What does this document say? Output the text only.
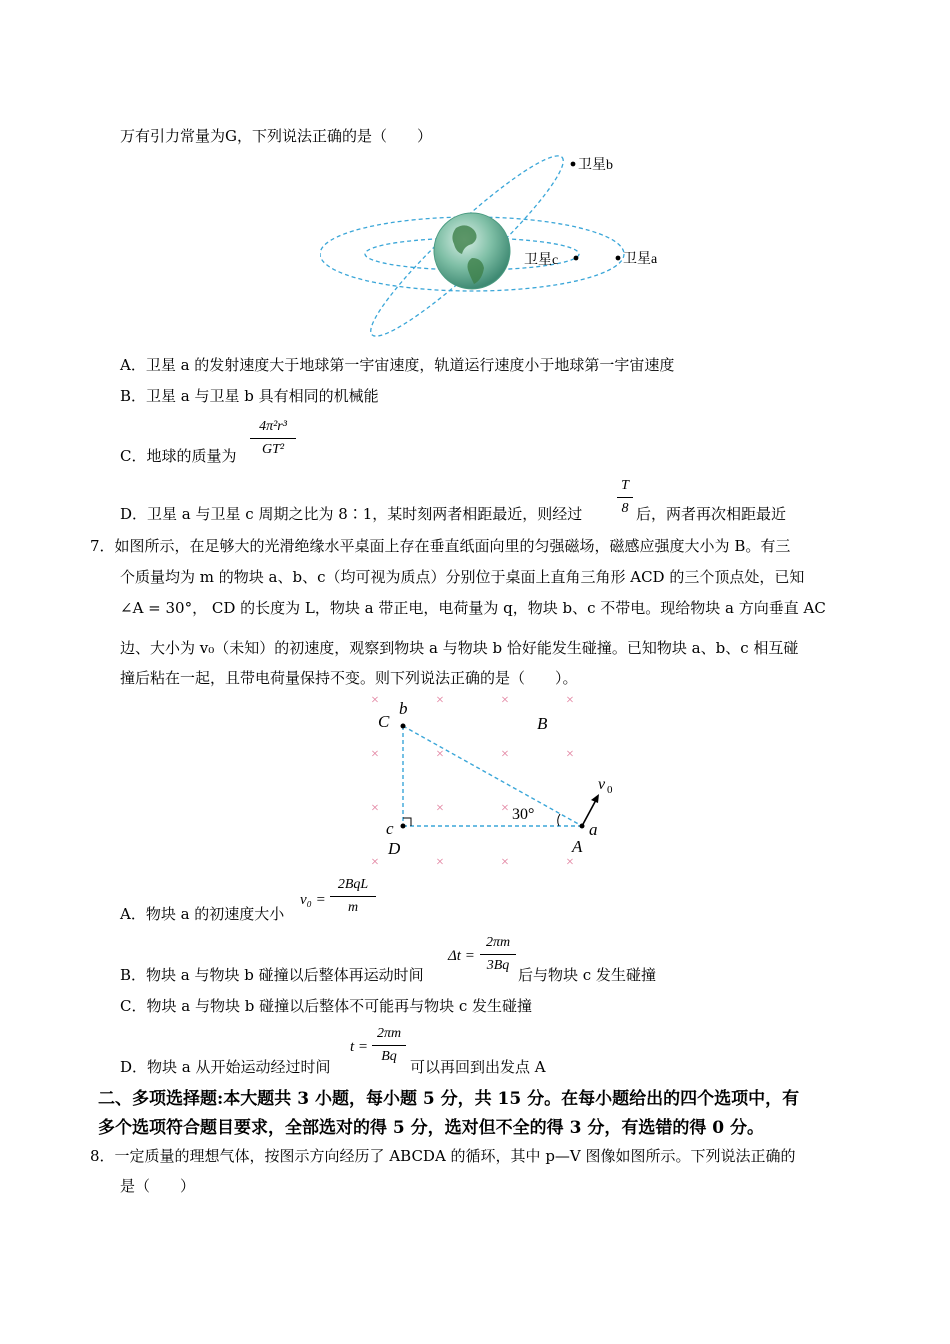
万有引力常量为G，下列说法正确的是（　　）
卫星b
卫星a
卫星c
A．卫星 a 的发射速度大于地球第一宇宙速度，轨道运行速度小于地球第一宇宙速度
B．卫星 a 与卫星 b 具有相同的机械能
C．地球的质量为
4π²r³
GT²
D．卫星 a 与卫星 c 周期之比为 8∶1，某时刻两者相距最近，则经过
T
8 后，两者再次相距最近
7．如图所示，在足够大的光滑绝缘水平桌面上存在垂直纸面向里的匀强磁场，磁感应强度大小为 B。有三
个质量均为 m 的物块 a、b、c（均可视为质点）分别位于桌面上直角三角形 ACD 的三个顶点处，已知
∠A = 30°， CD 的长度为 L，物块 a 带正电，电荷量为 q，物块 b、c 不带电。现给物块 a 方向垂直 AC
边、大小为 v₀（未知）的初速度，观察到物块 a 与物块 b 恰好能发生碰撞。已知物块 a、b、c 相互碰
撞后粘在一起，且带电荷量保持不变。则下列说法正确的是（　　）。
×	×	×	×
×	×	×	×
×	×	×
×	×	×	×
C
b
B
v 0
30°
c	a
D	A
A．物块 a 的初速度大小
v₀ =
2BqL
m
B．物块 a 与物块 b 碰撞以后整体再运动时间
Δt =
2πm
3Bq
后与物块 c 发生碰撞
C．物块 a 与物块 b 碰撞以后整体不可能再与物块 c 发生碰撞
D．物块 a 从开始运动经过时间
t =
2πm
Bq
可以再回到出发点 A
二、多项选择题:本大题共 3 小题，每小题 5 分，共 15 分。在每小题给出的四个选项中，有
多个选项符合题目要求，全部选对的得 5 分，选对但不全的得 3 分，有选错的得 0 分。
8．一定质量的理想气体，按图示方向经历了 ABCDA 的循环，其中 p—V 图像如图所示。下列说法正确的
是（　　）
